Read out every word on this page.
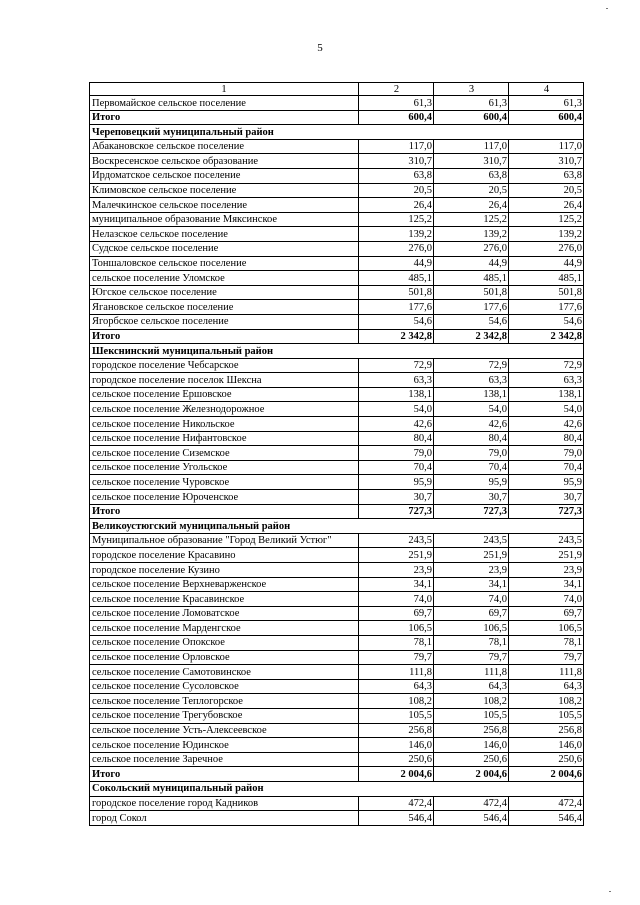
5
1	2	3	4
Первомайское сельское поселение	61,3	61,3	61,3
Итого	600,4	600,4	600,4
Череповецкий муниципальный район			
Абакановское сельское поселение	117,0	117,0	117,0
Воскресенское сельское образование	310,7	310,7	310,7
Ирдоматское сельское поселение	63,8	63,8	63,8
Климовское сельское поселение	20,5	20,5	20,5
Малечкинское сельское поселение	26,4	26,4	26,4
муниципальное образование Мяксинское	125,2	125,2	125,2
Нелазское сельское поселение	139,2	139,2	139,2
Судское сельское поселение	276,0	276,0	276,0
Тоншаловское сельское поселение	44,9	44,9	44,9
сельское поселение Уломское	485,1	485,1	485,1
Югское сельское поселение	501,8	501,8	501,8
Ягановское сельское поселение	177,6	177,6	177,6
Ягорбское сельское поселение	54,6	54,6	54,6
Итого	2 342,8	2 342,8	2 342,8
Шекснинский муниципальный район			
городское поселение Чебсарское	72,9	72,9	72,9
городское поселение поселок Шексна	63,3	63,3	63,3
сельское поселение Ершовское	138,1	138,1	138,1
сельское поселение Железнодорожное	54,0	54,0	54,0
сельское поселение Никольское	42,6	42,6	42,6
сельское поселение Нифантовское	80,4	80,4	80,4
сельское поселение Сиземское	79,0	79,0	79,0
сельское поселение Угольское	70,4	70,4	70,4
сельское поселение Чуровское	95,9	95,9	95,9
сельское поселение Юроченское	30,7	30,7	30,7
Итого	727,3	727,3	727,3
Великоустюгский муниципальный район			
Муниципальное образование "Город Великий Устюг"	243,5	243,5	243,5
городское поселение Красавино	251,9	251,9	251,9
городское поселение Кузино	23,9	23,9	23,9
сельское поселение Верхневарженское	34,1	34,1	34,1
сельское поселение Красавинское	74,0	74,0	74,0
сельское поселение Ломоватское	69,7	69,7	69,7
сельское поселение Марденгское	106,5	106,5	106,5
сельское поселение Опокское	78,1	78,1	78,1
сельское поселение Орловское	79,7	79,7	79,7
сельское поселение Самотовинское	111,8	111,8	111,8
сельское поселение Сусоловское	64,3	64,3	64,3
сельское поселение Теплогорское	108,2	108,2	108,2
сельское поселение Трегубовское	105,5	105,5	105,5
сельское поселение Усть-Алексеевское	256,8	256,8	256,8
сельское поселение Юдинское	146,0	146,0	146,0
сельское поселение Заречное	250,6	250,6	250,6
Итого	2 004,6	2 004,6	2 004,6
Сокольский муниципальный район			
городское поселение город Кадников	472,4	472,4	472,4
город Сокол	546,4	546,4	546,4
